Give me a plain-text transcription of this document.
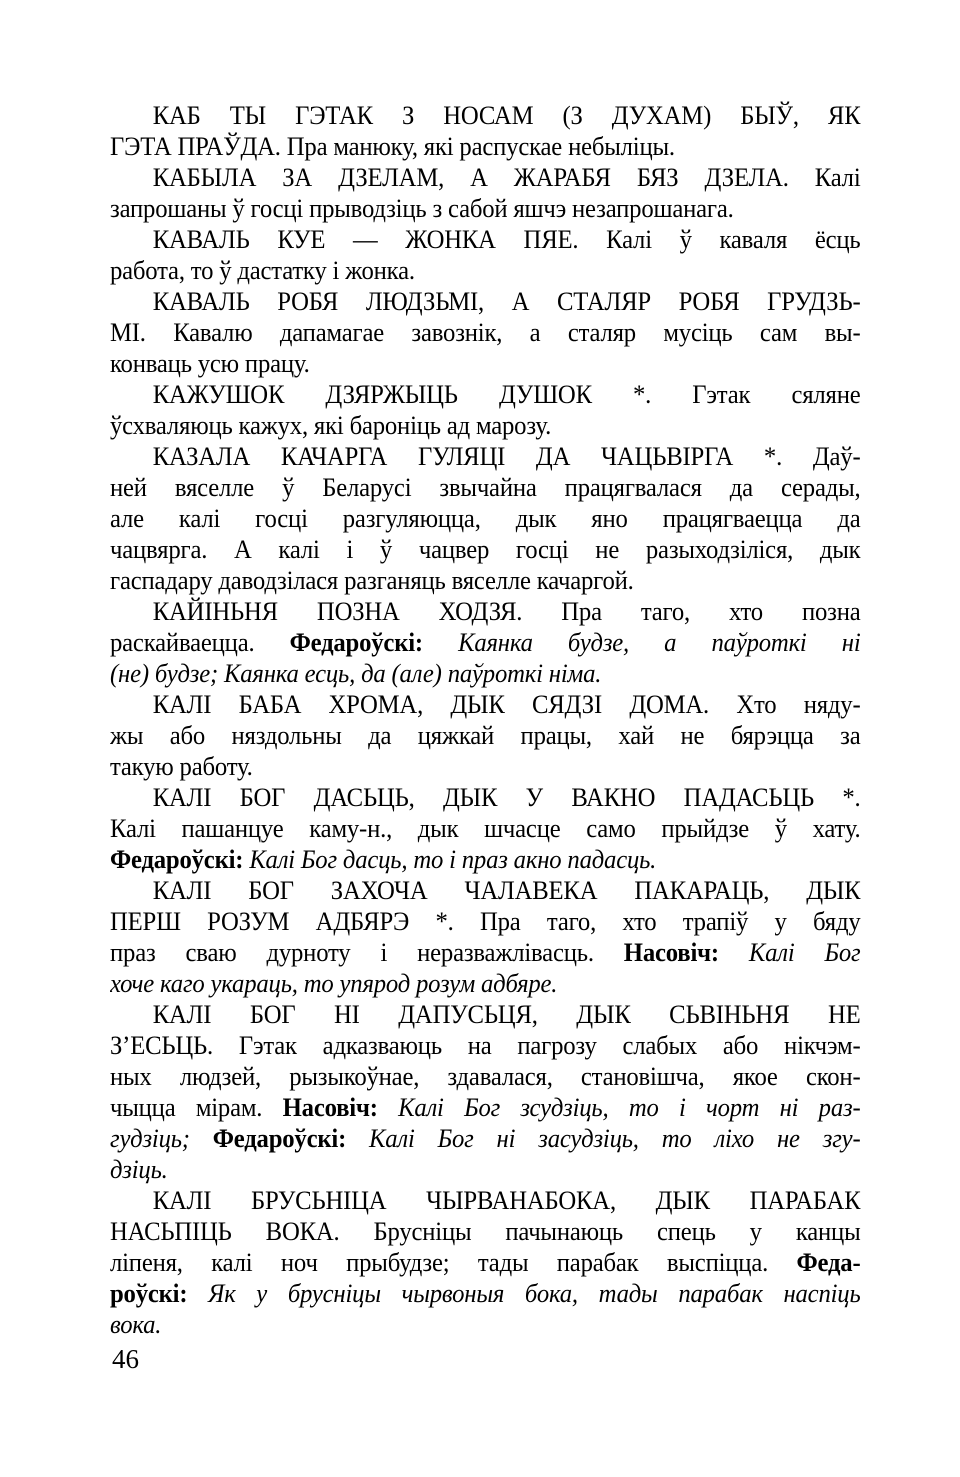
КАБ ТЫ ГЭТАК З НОСАМ (З ДУХАМ) БЫЎ, ЯК
ГЭТА ПРАЎДА. Пра манюку, які распускае небыліцы.
КАБЫЛА ЗА ДЗЕЛАМ, А ЖАРАБЯ БЯЗ ДЗЕЛА. Калі
запрошаны ў госці прыводзіць з сабой яшчэ незапрошанага.
КАВАЛЬ КУЕ — ЖОНКА ПЯЕ. Калі ў каваля ёсць
работа, то ў дастатку і жонка.
КАВАЛЬ РОБЯ ЛЮДЗЬМІ, А СТАЛЯР РОБЯ ГРУДЗЬ-
МІ. Кавалю дапамагае завознік, а сталяр мусіць сам вы-
конваць усю працу.
КАЖУШОК ДЗЯРЖЫЦЬ ДУШОК *. Гэтак сяляне
ўсхваляюць кажух, які бароніць ад марозу.
КАЗАЛА КАЧАРГА ГУЛЯЦІ ДА ЧАЦЬВІРГА *. Даў-
ней вяселле ў Беларусі звычайна працягвалася да серады,
але калі госці разгуляюцца, дык яно працягваецца да
чацвярга. А калі і ў чацвер госці не разыходзіліся, дык
гаспадару даводзілася разганяць вяселле качаргой.
КАЙІНЬНЯ ПОЗНА ХОДЗЯ. Пра таго, хто позна
раскайваецца. Федароўскі: Каянка будзе, а паўроткі ні
(не) будзе; Каянка есць, да (але) паўроткі німа.
КАЛІ БАБА ХРОМА, ДЫК СЯДЗІ ДОМА. Хто няду-
жы або няздольны да цяжкай працы, хай не бярэцца за
такую работу.
КАЛІ БОГ ДАСЬЦЬ, ДЫК У ВАКНО ПАДАСЬЦЬ *.
Калі пашанцуе каму-н., дык шчасце само прыйдзе ў хату.
Федароўскі: Калі Бог дасць, то і праз акно падасць.
КАЛІ БОГ ЗАХОЧА ЧАЛАВЕКА ПАКАРАЦЬ, ДЫК
ПЕРШ РОЗУМ АДБЯРЭ *. Пра таго, хто трапіў у бяду
праз сваю дурноту і неразважлівасць. Насовіч: Калі Бог
хоче каго укараць, то упярод розум адбяре.
КАЛІ БОГ НІ ДАПУСЬЦЯ, ДЫК СЬВІНЬНЯ НЕ
З’ЕСЬЦЬ. Гэтак адказваюць на пагрозу слабых або нікчэм-
ных людзей, рызыкоўнае, здавалася, становішча, якое скон-
чыцца мірам. Насовіч: Калі Бог зсудзіць, то і чорт ні раз-
гудзіць; Федароўскі: Калі Бог ні засудзіць, то ліхо не згу-
дзіць.
КАЛІ БРУСЬНІЦА ЧЫРВАНАБОКА, ДЫК ПАРАБАК
НАСЬПІЦЬ ВОКА. Брусніцы пачынаюць спець у канцы
ліпеня, калі ноч прыбудзе; тады парабак выспіцца. Феда-
роўскі: Як у брусніцы чырвоныя бока, тады парабак наспіць
вока.
46
